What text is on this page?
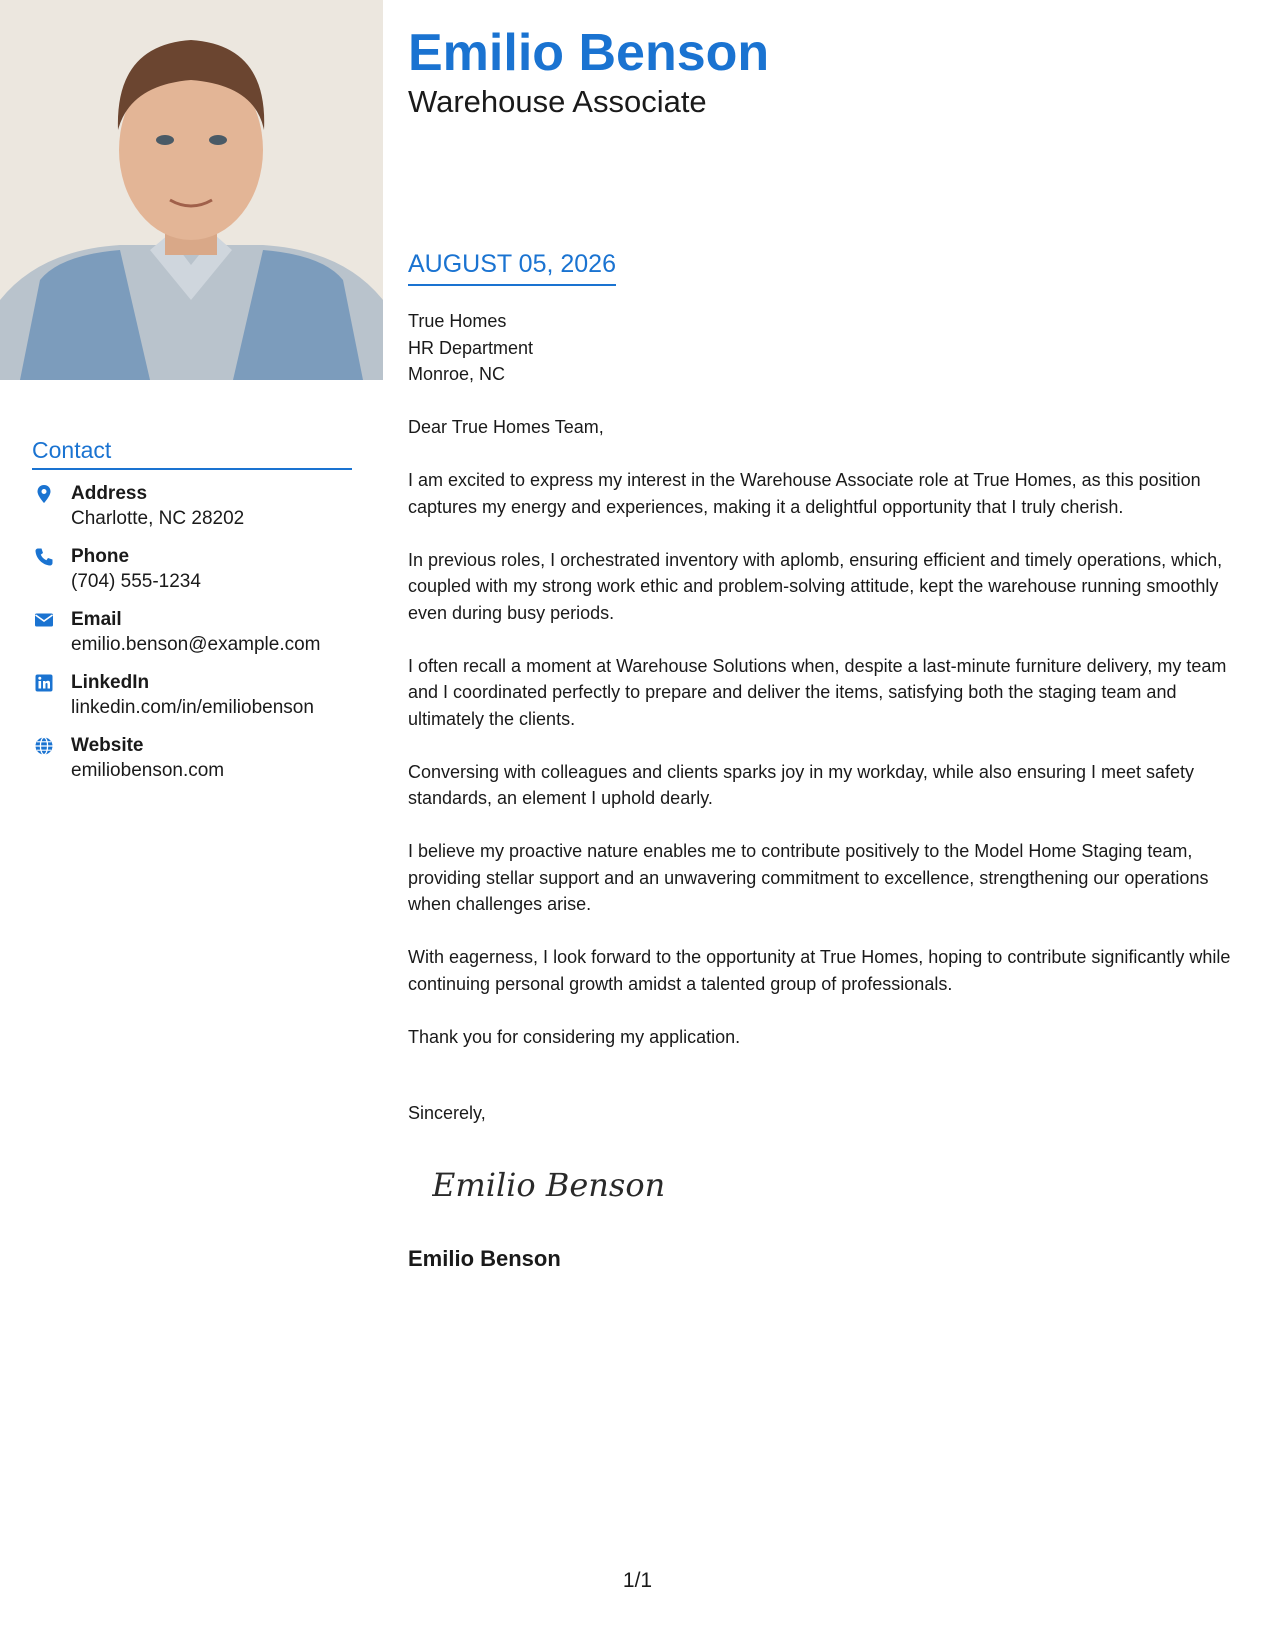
Contact
Address
Charlotte, NC 28202
Phone
(704) 555-1234
Email
emilio.benson@example.com
LinkedIn
linkedin.com/in/emiliobenson
Website
emiliobenson.com
Emilio Benson
Warehouse Associate
AUGUST 05, 2026
True Homes
HR Department
Monroe, NC

Dear True Homes Team,

I am excited to express my interest in the Warehouse Associate role at True Homes, as this position captures my energy and experiences, making it a delightful opportunity that I truly cherish.

In previous roles, I orchestrated inventory with aplomb, ensuring efficient and timely operations, which, coupled with my strong work ethic and problem-solving attitude, kept the warehouse running smoothly even during busy periods.

I often recall a moment at Warehouse Solutions when, despite a last-minute furniture delivery, my team and I coordinated perfectly to prepare and deliver the items, satisfying both the staging team and ultimately the clients.

Conversing with colleagues and clients sparks joy in my workday, while also ensuring I meet safety standards, an element I uphold dearly.

I believe my proactive nature enables me to contribute positively to the Model Home Staging team, providing stellar support and an unwavering commitment to excellence, strengthening our operations when challenges arise.

With eagerness, I look forward to the opportunity at True Homes, hoping to contribute significantly while continuing personal growth amidst a talented group of professionals.

Thank you for considering my application.

Sincerely,
Emilio Benson
Emilio Benson
1/1
